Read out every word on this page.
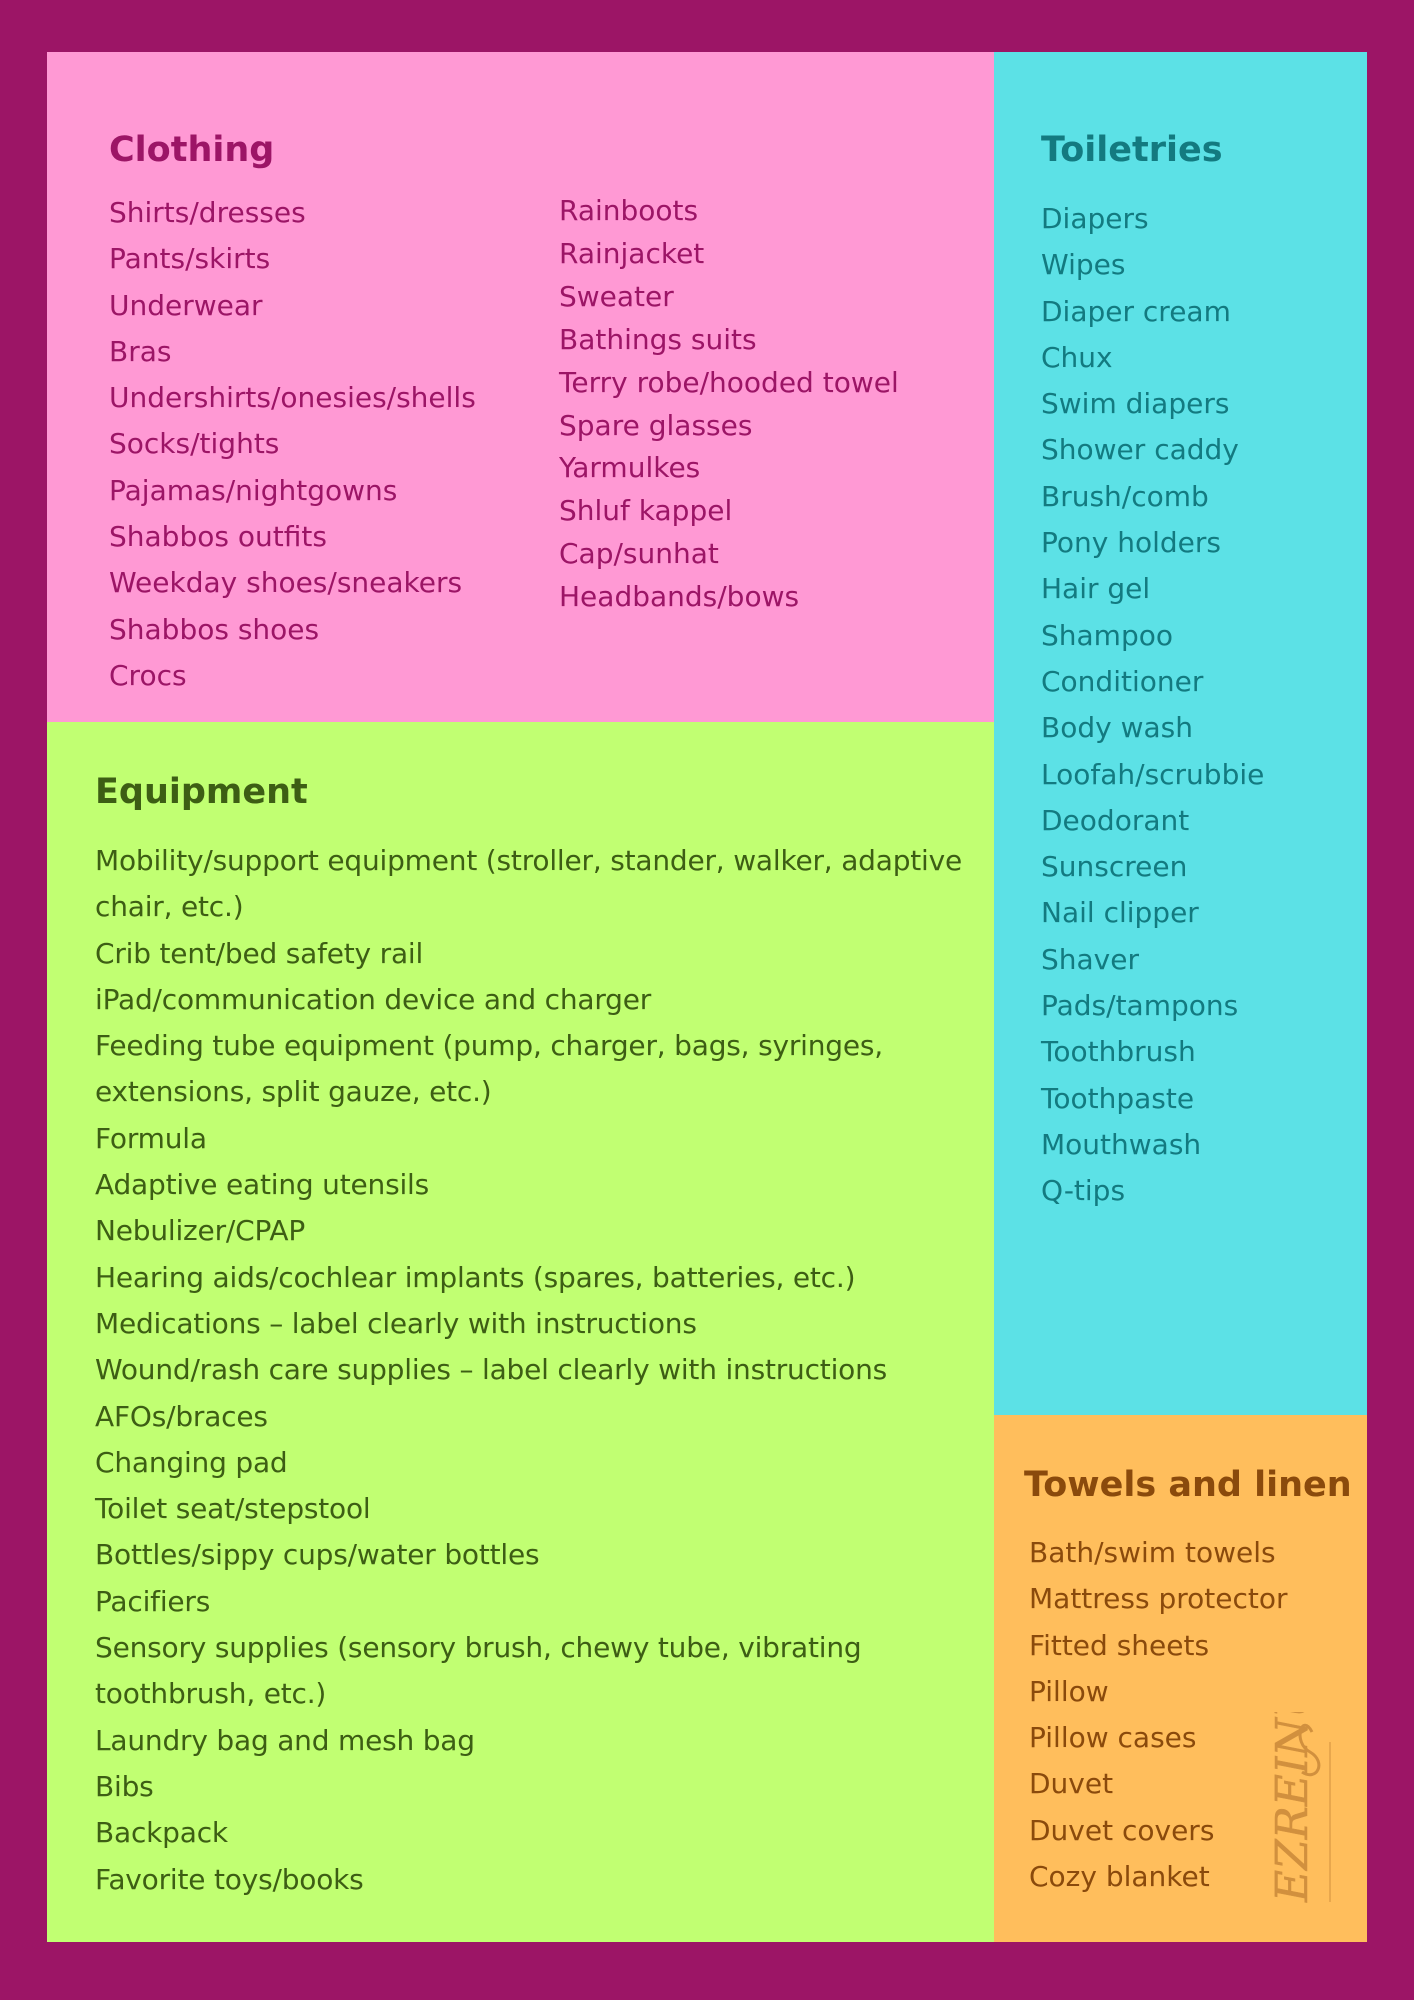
Clothing
Shirts/dresses
Pants/skirts
Underwear
Bras
Undershirts/onesies/shells
Socks/tights
Pajamas/nightgowns
Shabbos outfits
Weekday shoes/sneakers
Shabbos shoes
Crocs
Rainboots
Rainjacket
Sweater
Bathings suits
Terry robe/hooded towel
Spare glasses
Yarmulkes
Shluf kappel
Cap/sunhat
Headbands/bows
Equipment
Mobility/support equipment (stroller, stander, walker, adaptive chair, etc.)
Crib tent/bed safety rail
iPad/communication device and charger
Feeding tube equipment (pump, charger, bags, syringes, extensions, split gauze, etc.)
Formula
Adaptive eating utensils
Nebulizer/CPAP
Hearing aids/cochlear implants (spares, batteries, etc.)
Medications – label clearly with instructions
Wound/rash care supplies – label clearly with instructions
AFOs/braces
Changing pad
Toilet seat/stepstool
Bottles/sippy cups/water bottles
Pacifiers
Sensory supplies (sensory brush, chewy tube, vibrating toothbrush, etc.)
Laundry bag and mesh bag
Bibs
Backpack
Favorite toys/books
Toiletries
Diapers
Wipes
Diaper cream
Chux
Swim diapers
Shower caddy
Brush/comb
Pony holders
Hair gel
Shampoo
Conditioner
Body wash
Loofah/scrubbie
Deodorant
Sunscreen
Nail clipper
Shaver
Pads/tampons
Toothbrush
Toothpaste
Mouthwash
Q-tips
Towels and linen
Bath/swim towels
Mattress protector
Fitted sheets
Pillow
Pillow cases
Duvet
Duvet covers
Cozy blanket	EZREINU
